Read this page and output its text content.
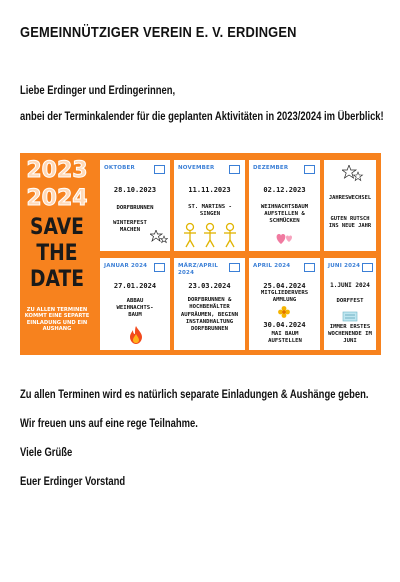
GEMEINNÜTZIGER VEREIN E. V. ERDINGEN
Liebe Erdinger und Erdingerinnen,
anbei der Terminkalender für die geplanten Aktivitäten in 2023/2024 im Überblick!
2023
2024
SAVE
THE
DATE
ZU ALLEN TERMINEN KOMMT EINE SEPARTE EINLADUNG UND EIN AUSHANG
OKTOBER
28.10.2023
DORFBRUNNEN
WINTERFEST MACHEN
NOVEMBER
11.11.2023
ST. MARTINS -SINGEN
DEZEMBER
02.12.2023
WEIHNACHTSBAUM AUFSTELLEN & SCHMÜCKEN
JAHRESWECHSEL
GUTEN RUTSCH INS NEUE JAHR
JANUAR 2024
27.01.2024
ABBAU WEIHNACHTS-BAUM
MÄRZ/APRIL 2024
23.03.2024
DORFBRUNNEN & HOCHBEHÄLTER AUFRÄUMEN, BEGINN INSTANDHALTUNG DORFBRUNNEN
APRIL 2024
25.04.2024
MITGLIEDERVERS AMMLUNG
30.04.2024
MAI BAUM AUFSTELLEN
JUNI 2024
1.JUNI 2024
DORFFEST
IMMER ERSTES WOCHENENDE IM JUNI
Zu allen Terminen wird es natürlich separate Einladungen & Aushänge geben.
Wir freuen uns auf eine rege Teilnahme.
Viele Grüße
Euer Erdinger Vorstand
